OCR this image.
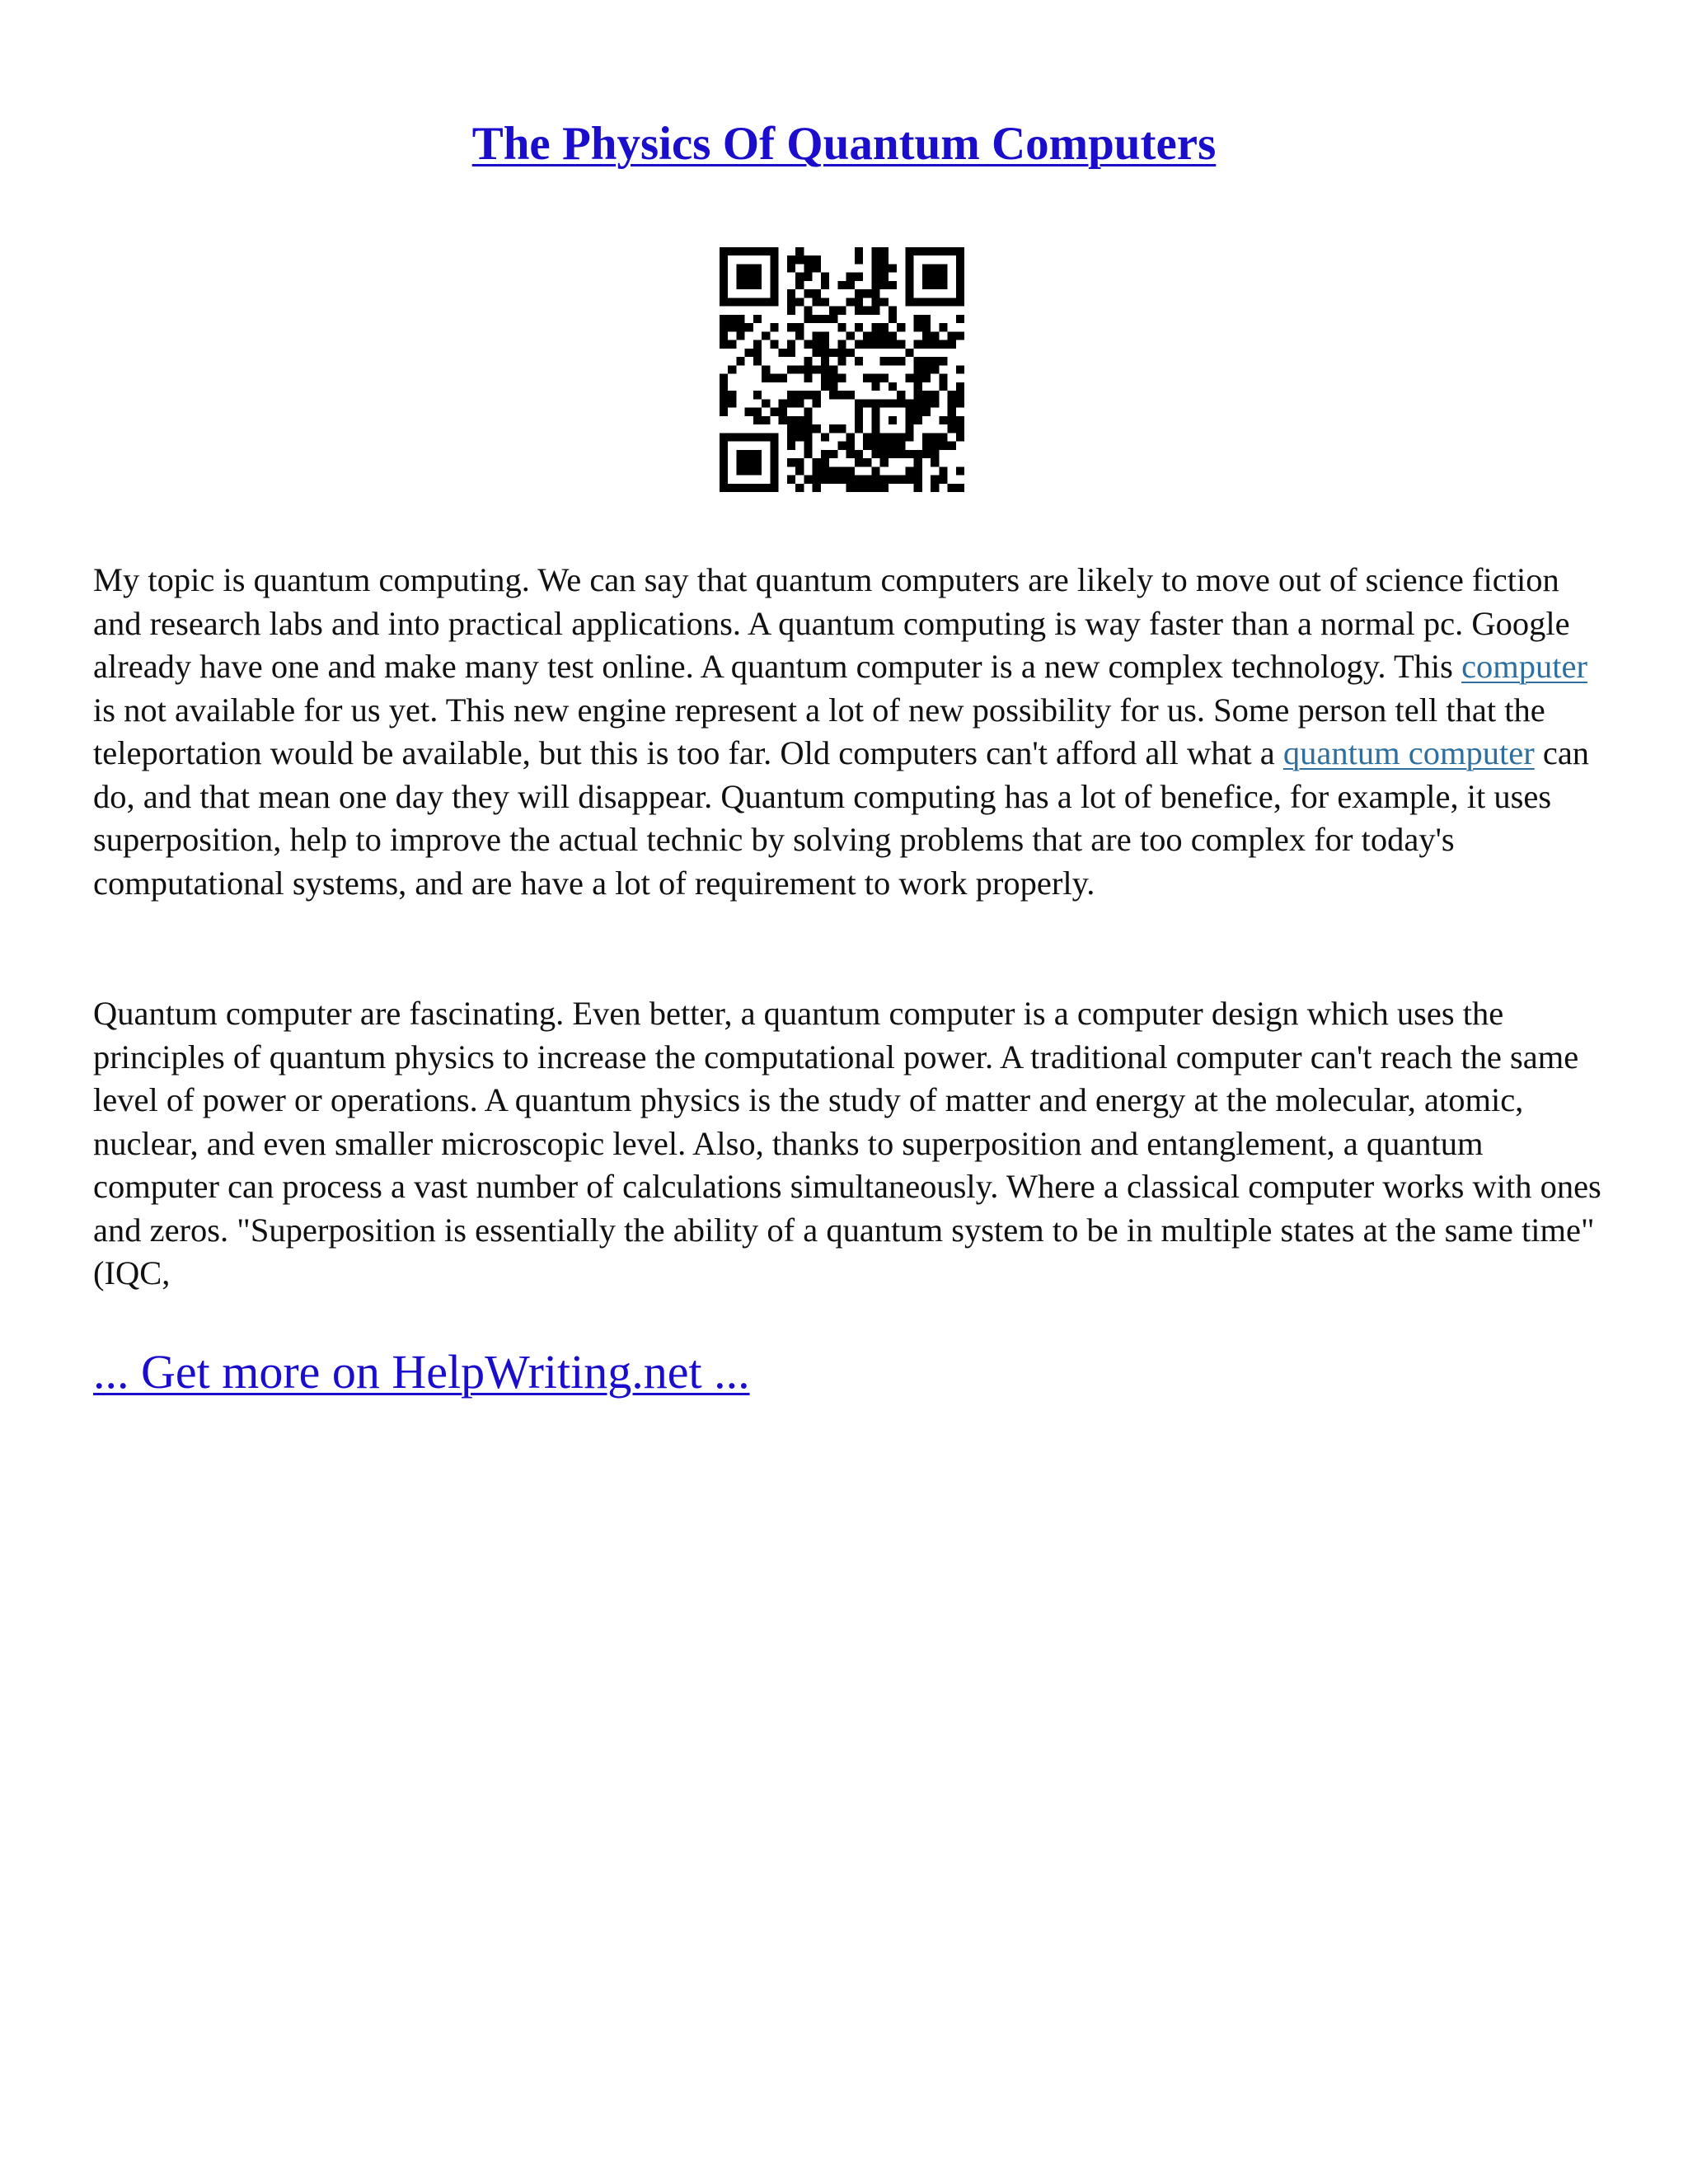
The Physics Of Quantum Computers

My topic is quantum computing. We can say that quantum computers are likely to move out of science fiction and research labs and into practical applications. A quantum computing is way faster than a normal pc. Google already have one and make many test online. A quantum computer is a new complex technology. This computer is not available for us yet. This new engine represent a lot of new possibility for us. Some person tell that the teleportation would be available, but this is too far. Old computers can't afford all what a quantum computer can do, and that mean one day they will disappear. Quantum computing has a lot of benefice, for example, it uses superposition, help to improve the actual technic by solving problems that are too complex for today's computational systems, and are have a lot of requirement to work properly.

Quantum computer are fascinating. Even better, a quantum computer is a computer design which uses the principles of quantum physics to increase the computational power. A traditional computer can't reach the same level of power or operations. A quantum physics is the study of matter and energy at the molecular, atomic, nuclear, and even smaller microscopic level. Also, thanks to superposition and entanglement, a quantum computer can process a vast number of calculations simultaneously. Where a classical computer works with ones and zeros. "Superposition is essentially the ability of a quantum system to be in multiple states at the same time" (IQC,

... Get more on HelpWriting.net ...
